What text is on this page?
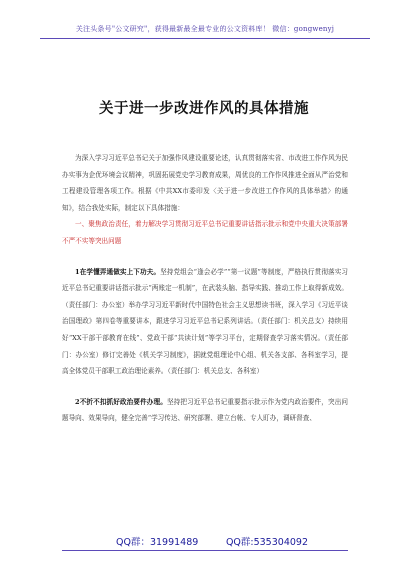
关注头条号"公文研究"，获得最新最全最专业的公文资料库！ 微信：gongwenyj
关于进一步改进作风的具体措施

为深入学习习近平总书记关于加强作风建设重要论述，认真贯彻落实省、市改进工作作风为民办实事为企优环境会议精神，巩固拓展党史学习教育成果，周优良的工作作风推进全面从严治党和工程建设管理各项工作。根据《中共XX市委印发〈关于进一步改进工作作风的具体举措〉的通知》，结合我处实际，制定以下具体措施：

一、聚焦政治责任，着力解决学习贯彻习近平总书记重要讲话指示批示和党中央重大决策部署不严不实等突出问题

1在学懂弄通做实上下功夫。坚持党组会“逢会必学”“第一议题”等制度，严格执行贯彻落实习近平总书记重要讲话指示批示“两账定一机制”，在武装头脑、指导实践、推动工作上取得新成效。（责任部门：办公室）举办学习习近平新时代中国特色社会主义思想读书班，深入学习《习近平谈治国理政》第四卷等重要讲本，跟进学习习近平总书记系列讲话。（责任部门：机关总支）持续用好“XX干部干部教育在线”、党政干部“共读计划”等学习平台，定期督查学习落实情况。（责任部门：办公室）修订完善处《机关学习制度》，据就党组理论中心组、机关各支部、各科室学习，提高全体党员干部职工政治理论素养。（责任部门：机关总支、各科室）

2不折不扣抓好政治要件办理。坚持把习近平总书记重要指示批示作为党内政治要件，突出问题导向、效果导向，健全完善“学习传达、研究部署、建立台帐、专人盯办，调研督查、

QQ群：31991489	QQ群:535304092
